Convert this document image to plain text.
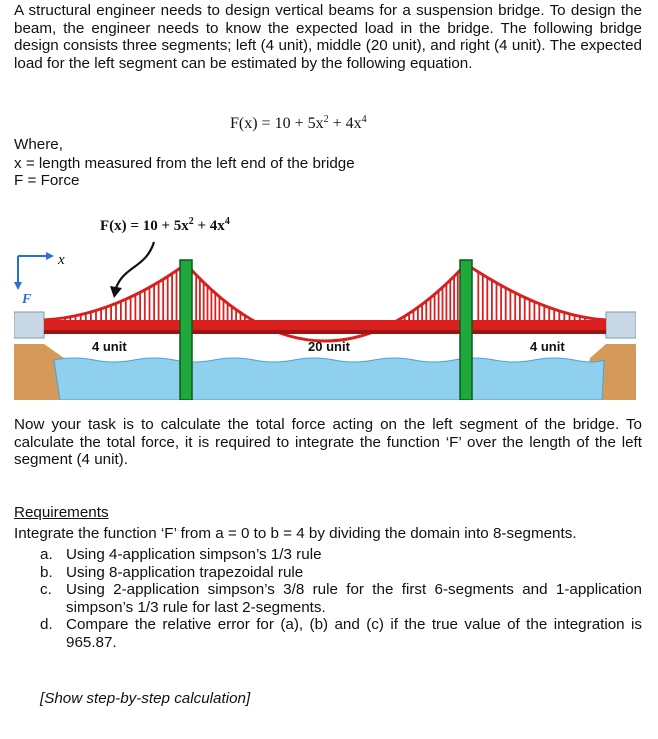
A structural engineer needs to design vertical beams for a suspension bridge. To design the beam, the engineer needs to know the expected load in the bridge. The following bridge design consists three segments; left (4 unit), middle (20 unit), and right (4 unit). The expected load for the left segment can be estimated by the following equation.
$F(x) = 10 + 5x^2 + 4x^4$
Where,
x = length measured from the left end of the bridge
F = Force
$F(x) = 10 + 5x^2 + 4x^4$
x
F
4 unit	20 unit	4 unit
Now your task is to calculate the total force acting on the left segment of the bridge. To calculate the total force, it is required to integrate the function ‘F’ over the length of the left segment (4 unit).
Requirements
Integrate the function ‘F’ from a = 0 to b = 4 by dividing the domain into 8-segments.
a. Using 4-application simpson’s 1/3 rule
b. Using 8-application trapezoidal rule
c. Using 2-application simpson’s 3/8 rule for the first 6-segments and 1-application simpson’s 1/3 rule for last 2-segments.
d. Compare the relative error for (a), (b) and (c) if the true value of the integration is 965.87.
[Show step-by-step calculation]
